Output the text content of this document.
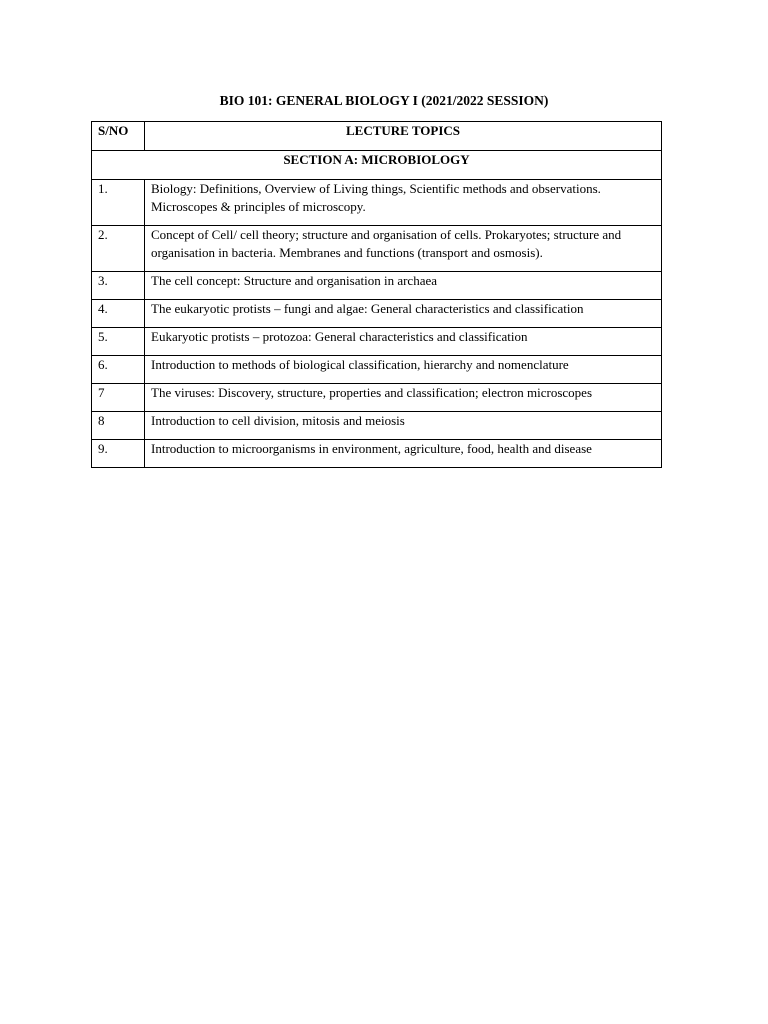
BIO 101: GENERAL BIOLOGY I (2021/2022 SESSION)
S/NO	LECTURE TOPICS
SECTION A: MICROBIOLOGY	
1.	Biology: Definitions, Overview of Living things, Scientific methods and observations. Microscopes & principles of microscopy.
2.	Concept of Cell/ cell theory; structure and organisation of cells. Prokaryotes; structure and organisation in bacteria. Membranes and functions (transport and osmosis).
3.	The cell concept: Structure and organisation in archaea
4.	The eukaryotic protists – fungi and algae: General characteristics and classification
5.	Eukaryotic protists – protozoa: General characteristics and classification
6.	Introduction to methods of biological classification, hierarchy and nomenclature
7	The viruses: Discovery, structure, properties and classification; electron microscopes
8	Introduction to cell division, mitosis and meiosis
9.	Introduction to microorganisms in environment, agriculture, food, health and disease
